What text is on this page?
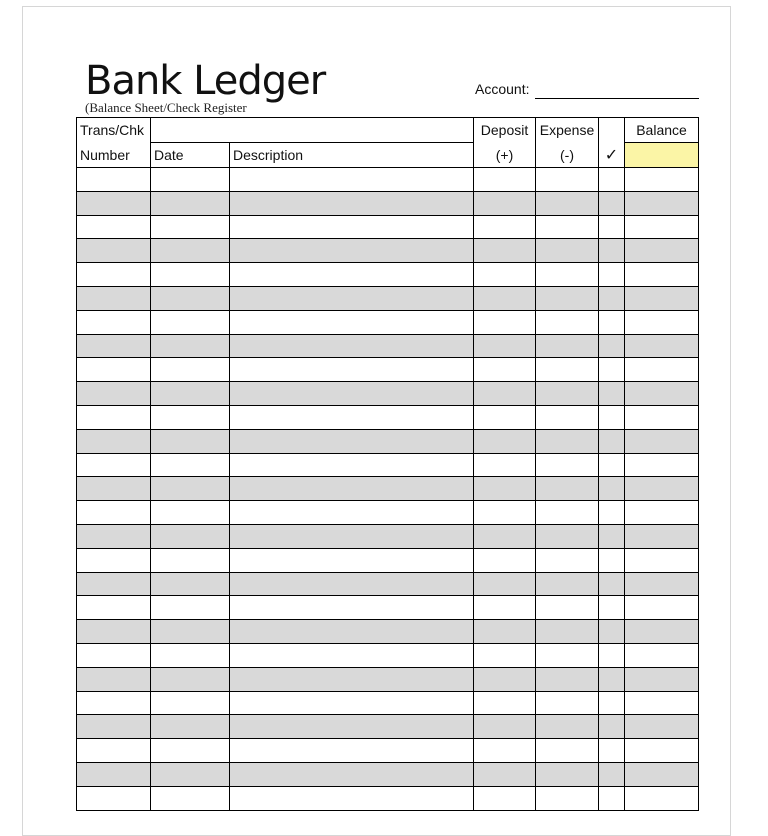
Bank Ledger
(Balance Sheet/Check Register
Account:
Trans/Chk			Deposit	Expense		Balance
Number	Date	Description	(+)	(-)	✓	
